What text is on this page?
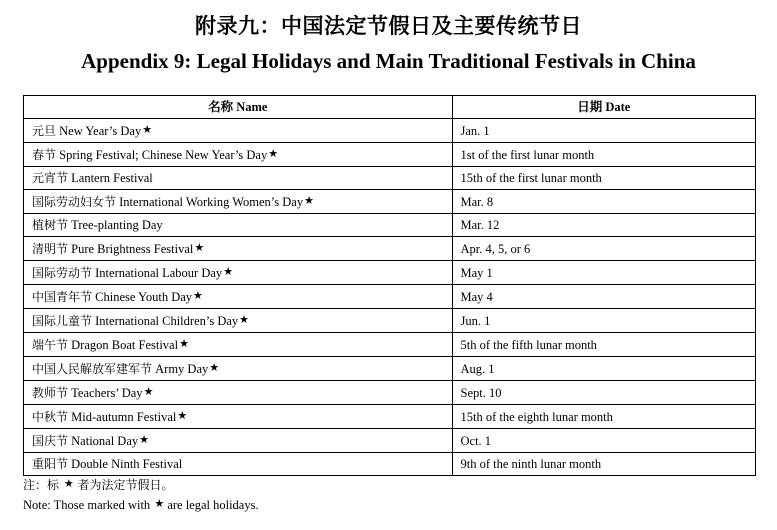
附录九：中国法定节假日及主要传统节日
Appendix 9: Legal Holidays and Main Traditional Festivals in China
名称 Name	日期 Date
元旦 New Year’s Day★	Jan. 1
春节 Spring Festival; Chinese New Year’s Day★	1st of the first lunar month
元宵节 Lantern Festival	15th of the first lunar month
国际劳动妇女节 International Working Women’s Day★	Mar. 8
植树节 Tree-planting Day	Mar. 12
清明节 Pure Brightness Festival★	Apr. 4, 5, or 6
国际劳动节 International Labour Day★	May 1
中国青年节 Chinese Youth Day★	May 4
国际儿童节 International Children’s Day★	Jun. 1
端午节 Dragon Boat Festival★	5th of the fifth lunar month
中国人民解放军建军节 Army Day★	Aug. 1
教师节 Teachers’ Day★	Sept. 10
中秋节 Mid-autumn Festival★	15th of the eighth lunar month
国庆节 National Day★	Oct. 1
重阳节 Double Ninth Festival	9th of the ninth lunar month
注：标 ★ 者为法定节假日。
Note: Those marked with ★ are legal holidays.
